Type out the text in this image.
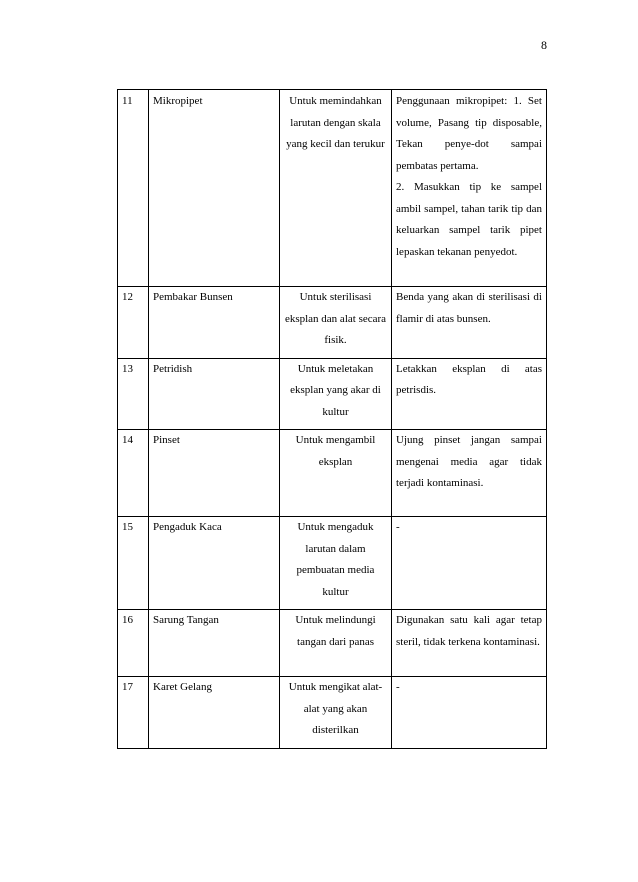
8
11	Mikropipet	Untuk memindahkan larutan dengan skala yang kecil dan terukur	Penggunaan mikropipet: 1. Set volume, Pasang tip disposable, Tekan penye-dot sampai pembatas pertama.
2. Masukkan tip ke sampel ambil sampel, tahan tarik tip dan keluarkan sampel tarik pipet lepaskan tekanan penyedot.

12	Pembakar Bunsen	Untuk sterilisasi eksplan dan alat secara fisik.	Benda yang akan di sterilisasi di flamir di atas bunsen.
13	Petridish	Untuk meletakan eksplan yang akar di kultur	Letakkan eksplan di atas petrisdis.
14	Pinset	Untuk mengambil eksplan	Ujung pinset jangan sampai mengenai media agar tidak terjadi kontaminasi.
15	Pengaduk Kaca	Untuk mengaduk larutan dalam pembuatan media kultur	-
16	Sarung Tangan	Untuk melindungi tangan dari panas	Digunakan satu kali agar tetap steril, tidak terkena kontaminasi.
17	Karet Gelang	Untuk mengikat alat-alat yang akan disterilkan	-
